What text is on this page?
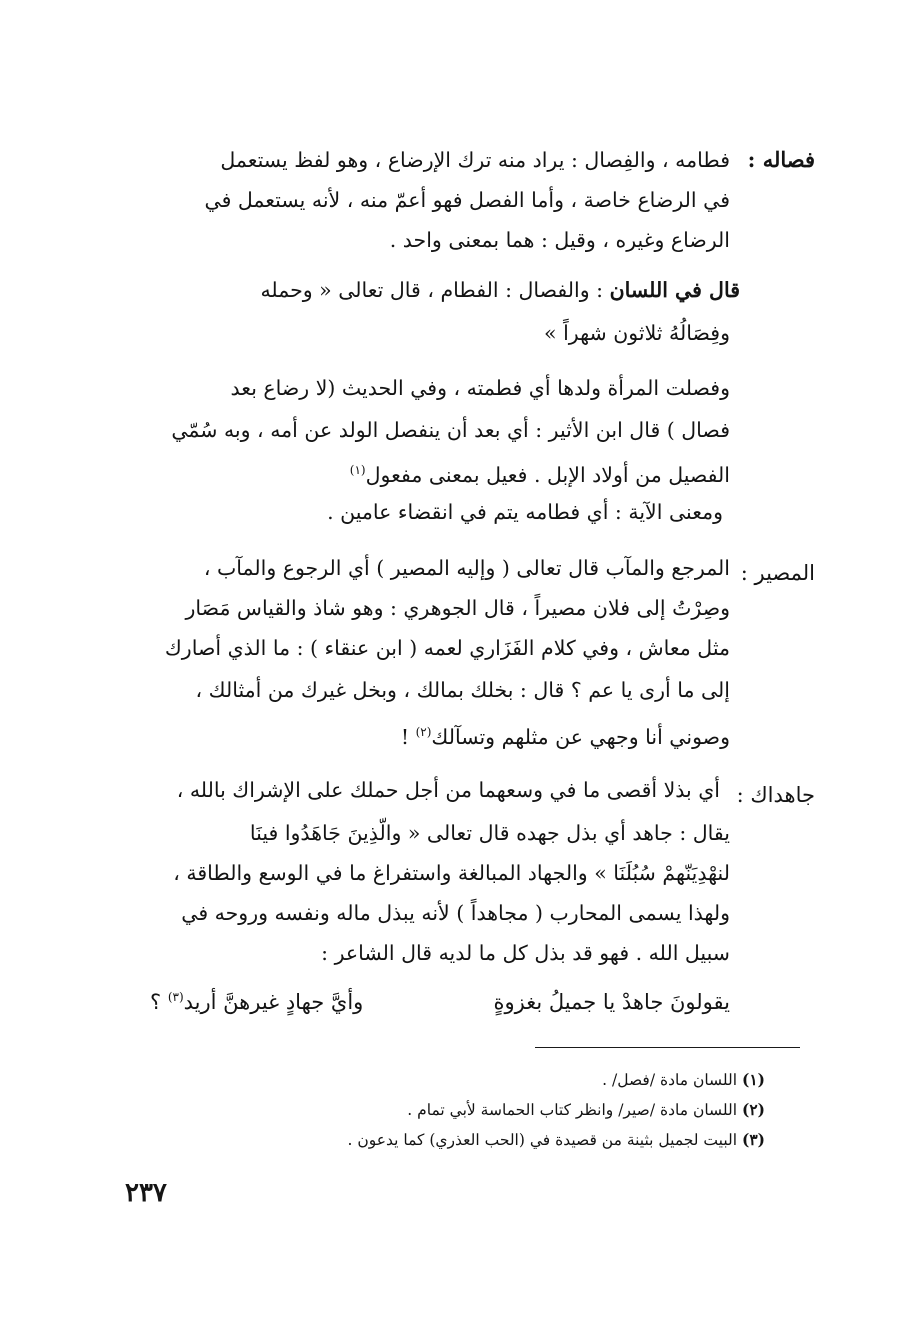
فصاله :
فطامه ، والفِصال : يراد منه ترك الإرضاع ، وهو لفظ يستعمل
في الرضاع خاصة ، وأما الفصل فهو أعمّ منه ، لأنه يستعمل في
الرضاع وغيره ، وقيل : هما بمعنى واحد .
قال في اللسان : والفصال : الفطام ، قال تعالى « وحمله
وفِصَالُهُ ثلاثون شهراً »
وفصلت المرأة ولدها أي فطمته ، وفي الحديث (لا رضاع بعد
فصال ) قال ابن الأثير : أي بعد أن ينفصل الولد عن أمه ، وبه سُمّي
الفصيل من أولاد الإبل . فعيل بمعنى مفعول$^{(١)}$
ومعنى الآية : أي فطامه يتم في انقضاء عامين .
المصير :
المرجع والمآب قال تعالى ( وإليه المصير ) أي الرجوع والمآب ،
وصِرْتُ إلى فلان مصيراً ، قال الجوهري : وهو شاذ والقياس مَصَار
مثل معاش ، وفي كلام الفَزَاري لعمه ( ابن عنقاء ) : ما الذي أصارك
إلى ما أرى يا عم ؟ قال : بخلك بمالك ، وبخل غيرك من أمثالك ،
وصوني أنا وجهي عن مثلهم وتسآلك$^{(٢)}$ !
جاهداك :
أي بذلا أقصى ما في وسعهما من أجل حملك على الإشراك بالله ،
يقال : جاهد أي بذل جهده قال تعالى « والّذِينَ جَاهَدُوا فينَا
لنهْدِيَنّهمْ سُبُلَنَا » والجهاد المبالغة واستفراغ ما في الوسع والطاقة ،
ولهذا يسمى المحارب ( مجاهداً ) لأنه يبذل ماله ونفسه وروحه في
سبيل الله . فهو قد بذل كل ما لديه قال الشاعر :
يقولونَ جاهدْ يا جميلُ بغزوةٍ
وأيَّ جهادٍ غيرهنَّ أريد$^{(٣)}$ ؟
(١) اللسان مادة /فصل/ .
(٢) اللسان مادة /صير/ وانظر كتاب الحماسة لأبي تمام .
(٣) البيت لجميل بثينة من قصيدة في (الحب العذري) كما يدعون .
٢٣٧
